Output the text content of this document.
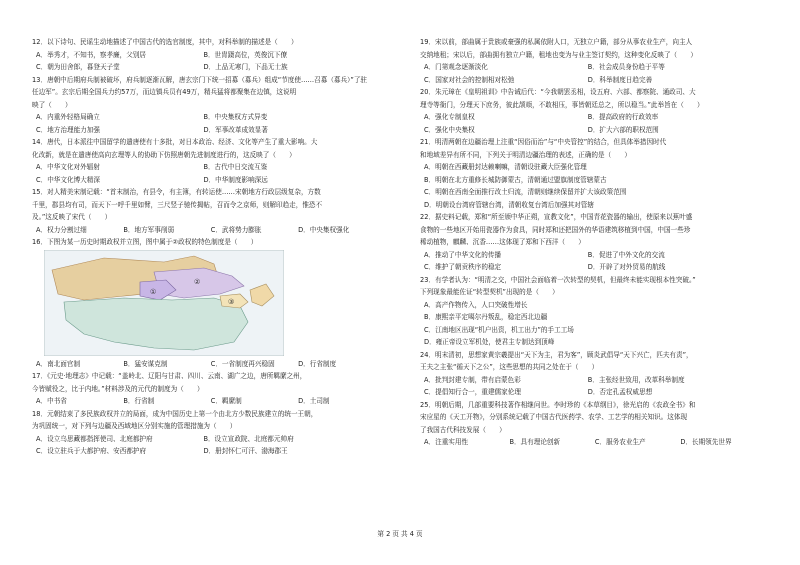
12．以下诗句、民谣生动地描述了中国古代的选官制度，其中，对科举制的描述是（　　）

A．举秀才，不知书，察孝廉，父别居	B．世胄蹑高位，英俊沉下僚

C．朝为田舍郎，暮登天子堂	D．上品无寒门，下品无士族

13．唐朝中后期府兵制被破坏，府兵制逐渐瓦解，唐玄宗门下统一招募（募兵）组成“节度使……召募（募兵）”了驻

任边军”。玄宗后期全国兵力约57万，而边镇兵员有49万，精兵猛将都聚集在边镇，这说明

映了（　　）

A．内重外轻格局确立	B．中央集权方式异变

C．地方治理能力加强	D．军事改革成效显著

14．唐代，日本派往中国留学的遣唐使有十多批，对日本政治、经济、文化等产生了重大影响。大

化改新，就是在遣唐使高向玄理等人的协助下仿照唐朝先进制度进行的，这反映了（　　）

A．中华文化对外辐射	B．古代中日交流互鉴

C．中华文化博大精深	D．中华制度影响深远

15．对人精美宋制记载：“首末制治，有县令，有主簿，有转运使……宋朝地方行政层级复杂，方数

千里，郡县均有司，而天下一呼千里如臂，三尺竖子驰传揭帖，召而令之京师，则解印趋走，惟恐不

及。”这反映了宋代（　　）

A．权力分割过细	B．地方军事削弱	C．武将势力膨胀	D．中央集权强化

16．下图为某一历史时期政权并立图，图中属于②政权的特色制度是（　　）

①
②
③

A．南北面官制	B．猛安谋克制	C．一省制度再兴稳固	D．行省制度

17．《元史·地理志》中记载：“盖岭北、辽阳与甘肃、四川、云南、湖广之边，唐所羁縻之州，

今皆赋役之，比于内地。”材料涉及的元代的制度为（　　）

A．中书省	B．行省制	C．羁縻制	D．土司制

18．元朝结束了多民族政权并立的局面，成为中国历史上第一个由北方少数民族建立的统一王朝，

为巩固统一，对下列与边疆及西域地区分别实施的管理措施为（　　）

A．设立乌思藏都指挥使司、北庭都护府	B．设立宣政院、北庭都元帅府

C．设立驻兵于大都护府、安西都护府	D．册封怀仁可汗、渤海郡王

19．宋以前，部曲属于贵族或豪强的私属依附人口，无独立户籍，部分从事农业生产，向主人

交纳地租；宋以后，部曲拥有独立户籍，租地也变为与业主签订契约，这种变化反映了（　　）

A．门第观念逐渐淡化	B．社会成员身份趋于平等

C．国家对社会的控制相对松弛	D．科举制度日趋完善

20．朱元璋在《皇明祖训》中告诫后代：“今我朝罢丞相，设五府、六部、都察院、通政司、大

理寺等衙门，分理天下庶务，彼此颉颃，不敢相压，事皆朝廷总之，所以稳当。”此举旨在（　　）

A．强化专制皇权	B．提高政府的行政效率

C．强化中央集权	D．扩大六部的职权范围

21．明清两朝在边疆治理上注重“因俗而治”与“中央管控”的结合，但具体举措因时代

和地域差异有所不同，下列关于明清边疆治理的表述，正确的是（　　）

A．明朝在西藏册封达赖喇嘛，清朝设驻藏大臣强化管理

B．明朝在北方重修长城防御蒙古，清朝通过盟旗制度管辖蒙古

C．明朝在西南全面推行改土归流，清朝则继续保留并扩大该政策范围

D．明朝设台湾府管辖台湾，清朝收复台湾后加强其对管辖

22．据史料记载，郑和“所至颁中华正朔，宣教文化”，中国青花瓷器的输出，使原来以蕉叶盛

食物的一些地区开始用瓷器作为食具，同时郑和还把国外的华语建筑移植到中国，中国一些珍

稀动植物，麒麟、沉香……这体现了郑和下西洋（　　）

A．推动了中华文化的传播	B．促进了中外文化的交流

C．维护了朝贡秩序的稳定	D．开辟了对外贸易的航线

23．有学者认为：“明清之交，中国社会面临着一次转型的契机，但最终未能实现根本性突破。”

下列现象最能佐证“转型契机”出现的是（　　）

A．高产作物传入，人口突破性增长

B．康熙亲平定噶尔丹叛乱，稳定西北边疆

C．江南地区出现“机户出资，机工出力”的手工工场

D．雍正帝设立军机处，使君主专制达到顶峰

24．明末清初，思想家黄宗羲提出“天下为主，君为客”，顾炎武倡导“天下兴亡，匹夫有责”，

王夫之主张“循天下之公”，这些思想的共同之处在于（　　）

A．批判封建专制，带有启蒙色彩	B．主张经世致用，改革科举制度

C．提倡知行合一，重建儒家伦理	D．否定孔孟权威思想

25．明朝后期，几部重要科技著作相继问世。李时珍的《本草纲目》，徐光启的《农政全书》和

宋应星的《天工开物》，分别系统记载了中国古代医药学、农学、工艺学的相关知识。这体现

了我国古代科技发展（　　）

A．注重实用性	B．具有理论创新	C．服务农业生产	D．长期领先世界

第 2 页 共 4 页
